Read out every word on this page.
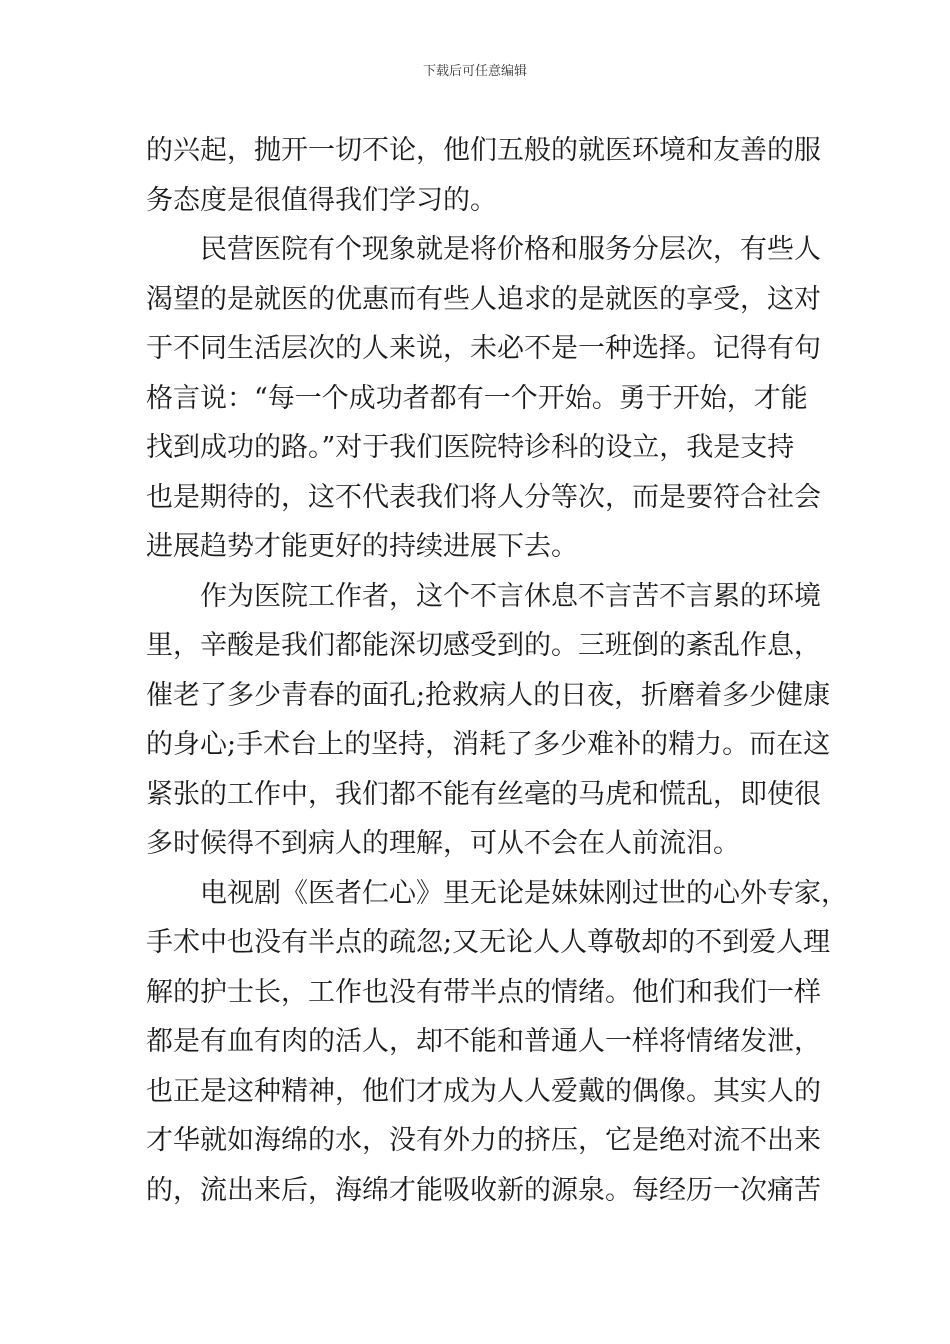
下载后可任意编辑
的兴起，抛开一切不论，他们五般的就医环境和友善的服
务态度是很值得我们学习的。
民营医院有个现象就是将价格和服务分层次，有些人
渴望的是就医的优惠而有些人追求的是就医的享受，这对
于不同生活层次的人来说，未必不是一种选择。记得有句
格言说：“每一个成功者都有一个开始。勇于开始，才能
找到成功的路。”对于我们医院特诊科的设立，我是支持
也是期待的，这不代表我们将人分等次，而是要符合社会
进展趋势才能更好的持续进展下去。
作为医院工作者，这个不言休息不言苦不言累的环境
里，辛酸是我们都能深切感受到的。三班倒的紊乱作息，
催老了多少青春的面孔;抢救病人的日夜，折磨着多少健康
的身心;手术台上的坚持，消耗了多少难补的精力。而在这
紧张的工作中，我们都不能有丝毫的马虎和慌乱，即使很
多时候得不到病人的理解，可从不会在人前流泪。
电视剧《医者仁心》里无论是妹妹刚过世的心外专家，
手术中也没有半点的疏忽;又无论人人尊敬却的不到爱人理
解的护士长，工作也没有带半点的情绪。他们和我们一样
都是有血有肉的活人，却不能和普通人一样将情绪发泄，
也正是这种精神，他们才成为人人爱戴的偶像。其实人的
才华就如海绵的水，没有外力的挤压，它是绝对流不出来
的，流出来后，海绵才能吸收新的源泉。每经历一次痛苦
